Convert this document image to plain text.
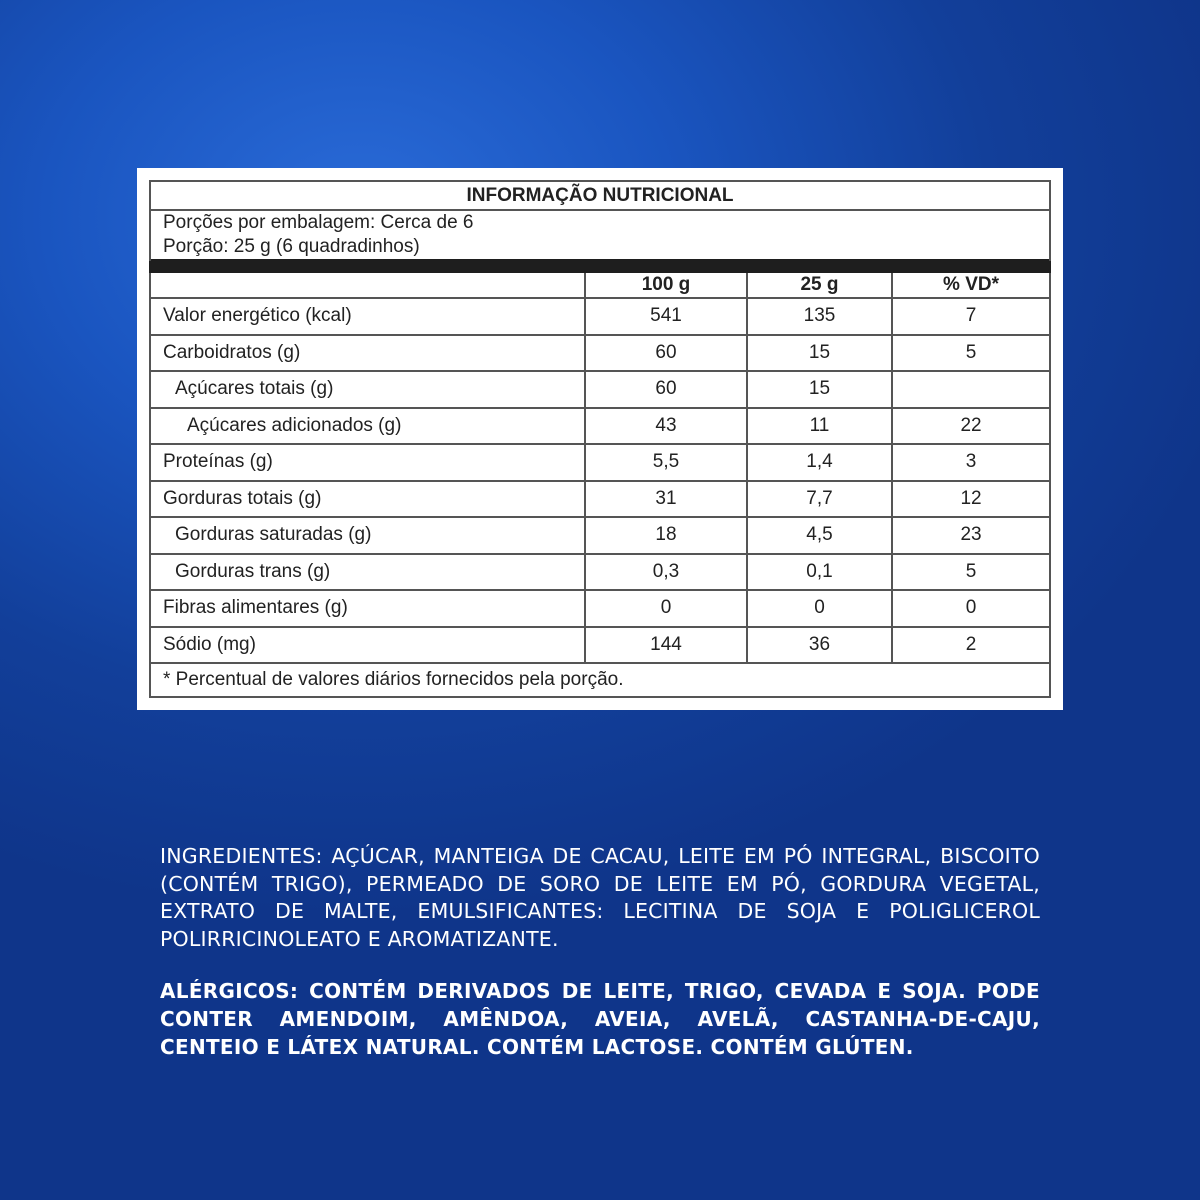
INFORMAÇÃO NUTRICIONAL			

Porções por embalagem: Cerca de 6
Porção: 25 g (6 quadradinhos)			

	100 g	25 g	% VD*
Valor energético (kcal)	541	135	7
Carboidratos (g)	60	15	5
Açúcares totais (g)	60	15	
Açúcares adicionados (g)	43	11	22
Proteínas (g)	5,5	1,4	3
Gorduras totais (g)	31	7,7	12
Gorduras saturadas (g)	18	4,5	23
Gorduras trans (g)	0,3	0,1	5
Fibras alimentares (g)	0	0	0
Sódio (mg)	144	36	2
* Percentual de valores diários fornecidos pela porção.			

INGREDIENTES: AÇÚCAR, MANTEIGA DE CACAU, LEITE EM PÓ INTEGRAL, BISCOITO (CONTÉM TRIGO), PERMEADO DE SORO DE LEITE EM PÓ, GORDURA VEGETAL, EXTRATO DE MALTE, EMULSIFICANTES: LECITINA DE SOJA E POLIGLICEROL POLIRRICINOLEATO E AROMATIZANTE.

ALÉRGICOS: CONTÉM DERIVADOS DE LEITE, TRIGO, CEVADA E SOJA. PODE CONTER AMENDOIM, AMÊNDOA, AVEIA, AVELÃ, CASTANHA-DE-CAJU, CENTEIO E LÁTEX NATURAL. CONTÉM LACTOSE. CONTÉM GLÚTEN.
